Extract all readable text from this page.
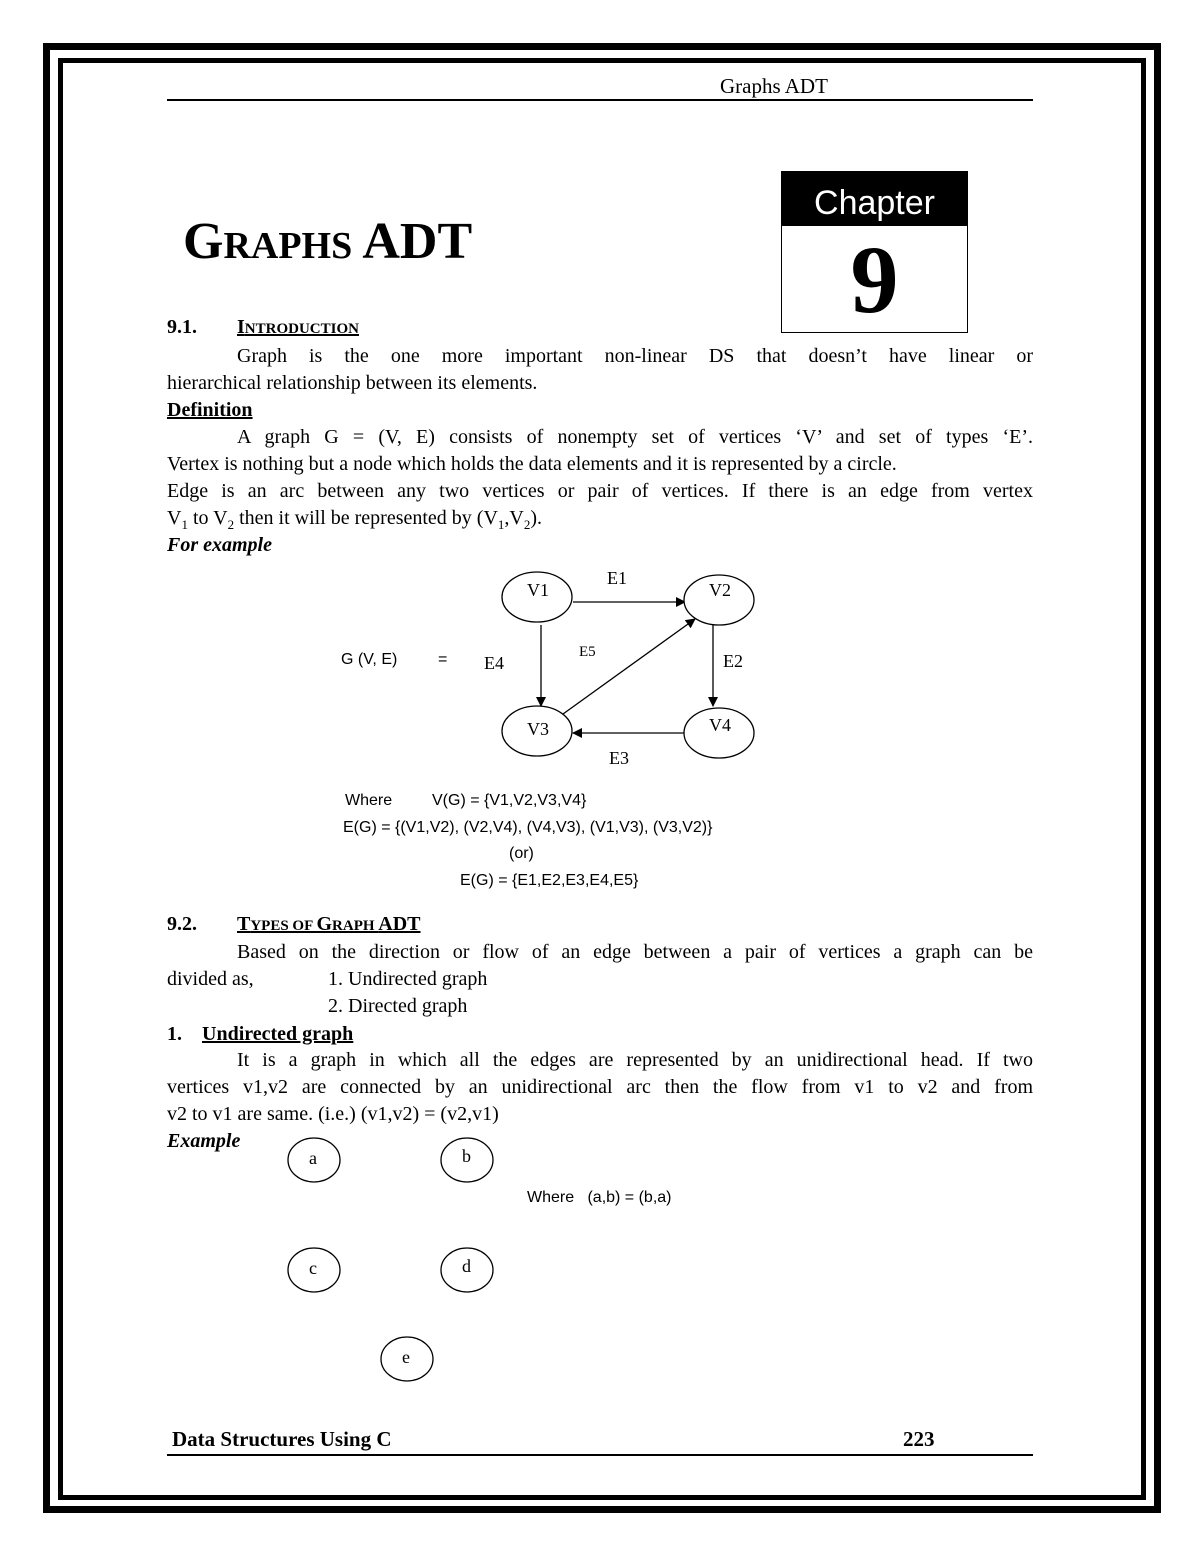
Graphs ADT
GRAPHS ADT
Chapter
9
9.1. INTRODUCTION
Graph is the one more important non-linear DS that doesn’t have linear or
hierarchical relationship between its elements.
Definition
A graph G = (V, E) consists of nonempty set of vertices ‘V’ and set of types ‘E’.
Vertex is nothing but a node which holds the data elements and it is represented by a circle.
Edge is an arc between any two vertices or pair of vertices. If there is an edge from vertex
$V_1$ to $V_2$ then it will be represented by $(V_1,V_2)$.
For example
V1	V2
V3	V4
E1
E2
E3
E4
E5
G (V, E)	=
Where V(G) = {V1,V2,V3,V4}
E(G) = {(V1,V2), (V2,V4), (V4,V3), (V1,V3), (V3,V2)}
(or)
E(G) = {E1,E2,E3,E4,E5}
9.2. TYPES OF GRAPH ADT
Based on the direction or flow of an edge between a pair of vertices a graph can be
divided as,	1. Undirected graph
2. Directed graph
1. Undirected graph
It is a graph in which all the edges are represented by an unidirectional head. If two
vertices v1,v2 are connected by an unidirectional arc then the flow from v1 to v2 and from
v2 to v1 are same. (i.e.) (v1,v2) = (v2,v1)
Example
a	b
c	d
e
Where   (a,b) = (b,a)
Data Structures Using C	223
